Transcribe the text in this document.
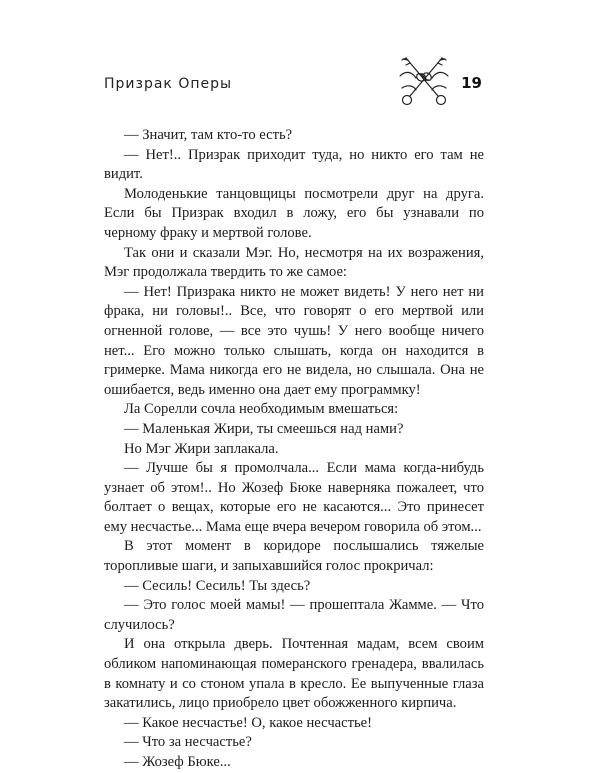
Призрак Оперы	19

— Значит, там кто-то есть?

— Нет!.. Призрак приходит туда, но никто его там не видит.

Молоденькие танцовщицы посмотрели друг на друга. Если бы Призрак входил в ложу, его бы узнавали по черному фраку и мертвой голове.

Так они и сказали Мэг. Но, несмотря на их возражения, Мэг продолжала твердить то же самое:

— Нет! Призрака никто не может видеть! У него нет ни фрака, ни головы!.. Все, что говорят о его мертвой или огненной голове, — все это чушь! У него вообще ничего нет... Его можно только слышать, когда он находится в гримерке. Мама никогда его не видела, но слышала. Она не ошибается, ведь именно она дает ему программку!

Ла Сорелли сочла необходимым вмешаться:

— Маленькая Жири, ты смеешься над нами?

Но Мэг Жири заплакала.

— Лучше бы я промолчала... Если мама когда-нибудь узнает об этом!.. Но Жозеф Бюке наверняка пожалеет, что болтает о вещах, которые его не касаются... Это принесет ему несчастье... Мама еще вчера вечером говорила об этом...

В этот момент в коридоре послышались тяжелые торопливые шаги, и запыхавшийся голос прокричал:

— Сесиль! Сесиль! Ты здесь?

— Это голос моей мамы! — прошептала Жамме. — Что случилось?

И она открыла дверь. Почтенная мадам, всем своим обликом напоминающая померанского гренадера, ввалилась в комнату и со стоном упала в кресло. Ее выпученные глаза закатились, лицо приобрело цвет обожженного кирпича.

— Какое несчастье! О, какое несчастье!

— Что за несчастье?

— Жозеф Бюке...
